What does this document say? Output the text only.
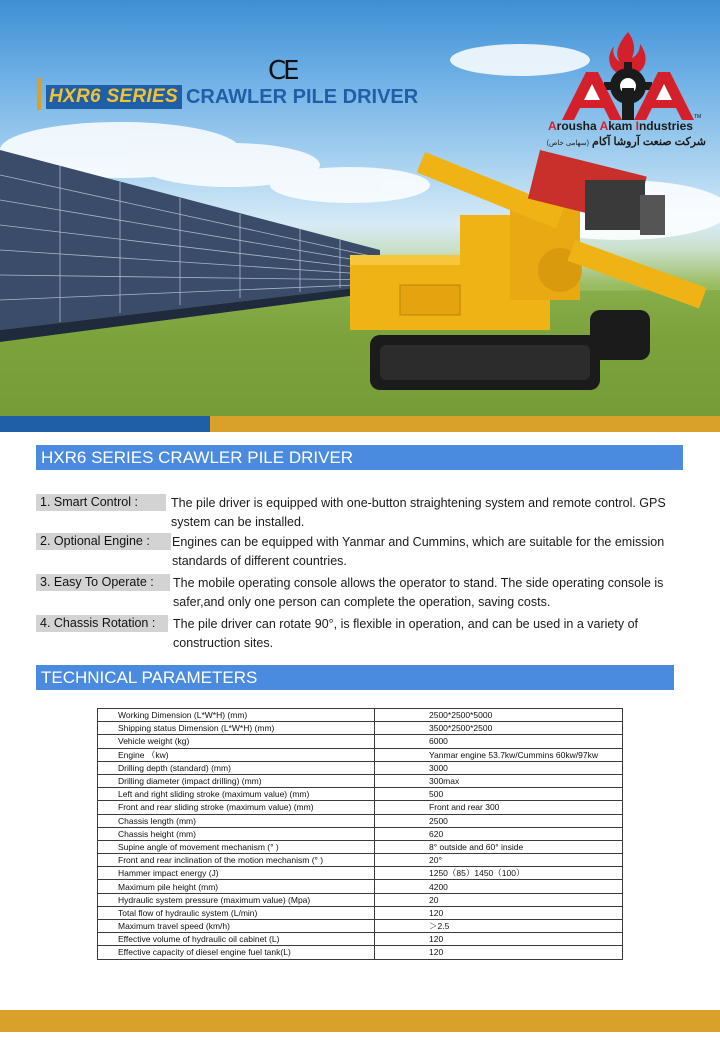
HXR6 SERIES CRAWLER PILE DRIVER
CE
TM
Arousha Akam Industries
شرکت صنعت آروشا آکام (سهامی خاص)
HXR6 SERIES CRAWLER PILE DRIVER
1. Smart Control :	The pile driver is equipped with one-button straightening system and remote control. GPS system can be installed.
2. Optional Engine :	Engines can be equipped with Yanmar and Cummins, which are suitable for the emission standards of different countries.
3. Easy To Operate :	The mobile operating console allows the operator to stand. The side operating console is safer,and only one person can complete the operation, saving costs.
4. Chassis Rotation :	The pile driver can rotate 90°, is flexible in operation, and can be used in a variety of construction sites.
TECHNICAL PARAMETERS
Working Dimension (L*W*H) (mm)	2500*2500*5000
Shipping status Dimension (L*W*H) (mm)	3500*2500*2500
Vehicle weight (kg)	6000
Engine （kw)	Yanmar engine 53.7kw/Cummins 60kw/97kw
Drilling depth (standard) (mm)	3000
Drilling diameter (impact drilling) (mm)	300max
Left and right sliding stroke (maximum value) (mm)	500
Front and rear sliding stroke (maximum value) (mm)	Front and rear 300
Chassis length (mm)	2500
Chassis height (mm)	620
Supine angle of movement mechanism (° )	8° outside and 60° inside
Front and rear inclination of the motion mechanism (° )	20°
Hammer impact energy (J)	1250（85）1450（100）
Maximum pile height (mm)	4200
Hydraulic system pressure (maximum value) (Mpa)	20
Total flow of hydraulic system (L/min)	120
Maximum travel speed (km/h)	＞2.5
Effective volume of hydraulic oil cabinet (L)	120
Effective capacity of diesel engine fuel tank(L)	120
